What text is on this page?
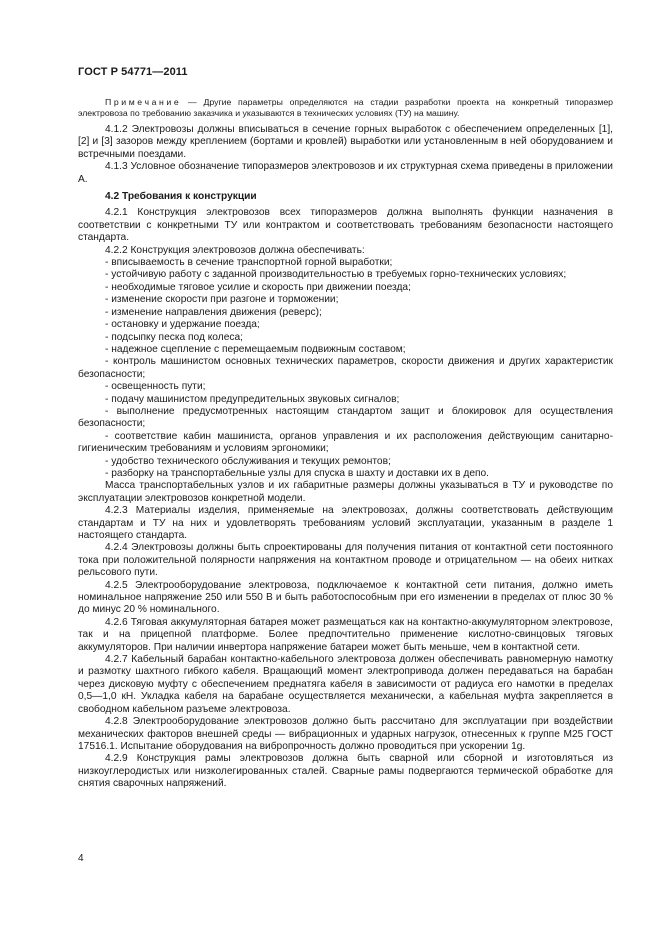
ГОСТ Р 54771—2011

Примечание — Другие параметры определяются на стадии разработки проекта на конкретный типоразмер электровоза по требованию заказчика и указываются в технических условиях (ТУ) на машину.

4.1.2 Электровозы должны вписываться в сечение горных выработок с обеспечением определенных [1], [2] и [3] зазоров между креплением (бортами и кровлей) выработки или установленным в ней оборудованием и встречными поездами.

4.1.3 Условное обозначение типоразмеров электровозов и их структурная схема приведены в приложении А.

4.2 Требования к конструкции

4.2.1 Конструкция электровозов всех типоразмеров должна выполнять функции назначения в соответствии с конкретными ТУ или контрактом и соответствовать требованиям безопасности настоящего стандарта.

4.2.2 Конструкция электровозов должна обеспечивать:

- вписываемость в сечение транспортной горной выработки;

- устойчивую работу с заданной производительностью в требуемых горно-технических условиях;

- необходимые тяговое усилие и скорость при движении поезда;

- изменение скорости при разгоне и торможении;

- изменение направления движения (реверс);

- остановку и удержание поезда;

- подсыпку песка под колеса;

- надежное сцепление с перемещаемым подвижным составом;

- контроль машинистом основных технических параметров, скорости движения и других характеристик безопасности;

- освещенность пути;

- подачу машинистом предупредительных звуковых сигналов;

- выполнение предусмотренных настоящим стандартом защит и блокировок для осуществления безопасности;

- соответствие кабин машиниста, органов управления и их расположения действующим санитарно-гигиеническим требованиям и условиям эргономики;

- удобство технического обслуживания и текущих ремонтов;

- разборку на транспортабельные узлы для спуска в шахту и доставки их в депо.

Масса транспортабельных узлов и их габаритные размеры должны указываться в ТУ и руководстве по эксплуатации электровозов конкретной модели.

4.2.3 Материалы изделия, применяемые на электровозах, должны соответствовать действующим стандартам и ТУ на них и удовлетворять требованиям условий эксплуатации, указанным в разделе 1 настоящего стандарта.

4.2.4 Электровозы должны быть спроектированы для получения питания от контактной сети постоянного тока при положительной полярности напряжения на контактном проводе и отрицательном — на обеих нитках рельсового пути.

4.2.5 Электрооборудование электровоза, подключаемое к контактной сети питания, должно иметь номинальное напряжение 250 или 550 В и быть работоспособным при его изменении в пределах от плюс 30 % до минус 20 % номинального.

4.2.6 Тяговая аккумуляторная батарея может размещаться как на контактно-аккумуляторном электровозе, так и на прицепной платформе. Более предпочтительно применение кислотно-свинцовых тяговых аккумуляторов. При наличии инвертора напряжение батареи может быть меньше, чем в контактной сети.

4.2.7 Кабельный барабан контактно-кабельного электровоза должен обеспечивать равномерную намотку и размотку шахтного гибкого кабеля. Вращающий момент электропривода должен передаваться на барабан через дисковую муфту с обеспечением преднатяга кабеля в зависимости от радиуса его намотки в пределах 0,5—1,0 кН. Укладка кабеля на барабане осуществляется механически, а кабельная муфта закрепляется в свободном кабельном разъеме электровоза.

4.2.8 Электрооборудование электровозов должно быть рассчитано для эксплуатации при воздействии механических факторов внешней среды — вибрационных и ударных нагрузок, отнесенных к группе М25 ГОСТ 17516.1. Испытание оборудования на вибропрочность должно проводиться при ускорении 1g.

4.2.9 Конструкция рамы электровозов должна быть сварной или сборной и изготовляться из низкоуглеродистых или низколегированных сталей. Сварные рамы подвергаются термической обработке для снятия сварочных напряжений.

4
